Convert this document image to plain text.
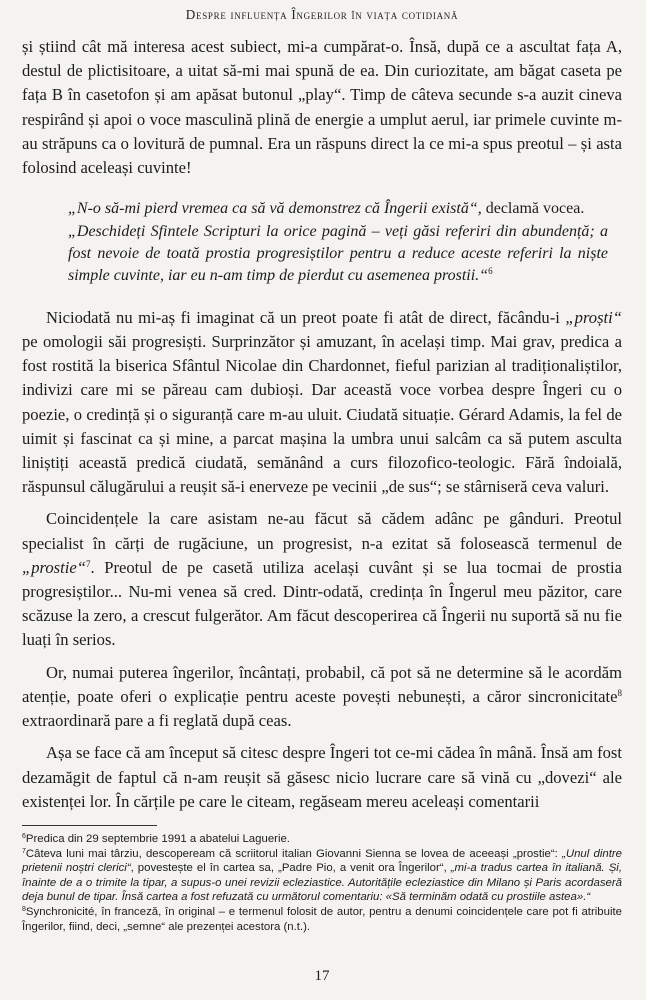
Despre influența Îngerilor în viața cotidiană

și știind cât mă interesa acest subiect, mi-a cumpărat-o. Însă, după ce a ascultat fața A, destul de plictisitoare, a uitat să-mi mai spună de ea. Din curiozitate, am băgat caseta pe fața B în casetofon și am apăsat butonul „play“. Timp de câteva secunde s-a auzit cineva respirând și apoi o voce masculină plină de energie a umplut aerul, iar primele cuvinte m-au străpuns ca o lovitură de pumnal. Era un răspuns direct la ce mi-a spus preotul – și asta folosind aceleași cuvinte!

„N-o să-mi pierd vremea ca să vă demonstrez că Îngerii există“, declamă vocea.

„Deschideți Sfintele Scripturi la orice pagină – veți găsi referiri din abundență; a fost nevoie de toată prostia progresiștilor pentru a reduce aceste referiri la niște simple cuvinte, iar eu n-am timp de pierdut cu asemenea prostii.“$^6$

Niciodată nu mi-aș fi imaginat că un preot poate fi atât de direct, făcându-i „proști“ pe omologii săi progresiști. Surprinzător și amuzant, în același timp. Mai grav, predica a fost rostită la biserica Sfântul Nicolae din Chardonnet, fieful parizian al tradiționaliștilor, indivizi care mi se păreau cam dubioși. Dar această voce vorbea despre Îngeri cu o poezie, o credință și o siguranță care m-au uluit. Ciudată situație. Gérard Adamis, la fel de uimit și fascinat ca și mine, a parcat mașina la umbra unui salcâm ca să putem asculta liniștiți această predică ciudată, semănând a curs filozofico-teologic. Fără îndoială, răspunsul călugărului a reușit să-i enerveze pe vecinii „de sus“; se stârniseră ceva valuri.

Coincidențele la care asistam ne-au făcut să cădem adânc pe gânduri. Preotul specialist în cărți de rugăciune, un progresist, n-a ezitat să folosească termenul de „prostie“$^7$. Preotul de pe casetă utiliza același cuvânt și se lua tocmai de prostia progresiștilor... Nu-mi venea să cred. Dintr-odată, credința în Îngerul meu păzitor, care scăzuse la zero, a crescut fulgerător. Am făcut descoperirea că Îngerii nu suportă să nu fie luați în serios.

Or, numai puterea îngerilor, încântați, probabil, că pot să ne determine să le acordăm atenție, poate oferi o explicație pentru aceste povești nebunești, a căror sincronicitate$^8$ extraordinară pare a fi reglată după ceas.

Așa se face că am început să citesc despre Îngeri tot ce-mi cădea în mână. Însă am fost dezamăgit de faptul că n-am reușit să găsesc nicio lucrare care să vină cu „dovezi“ ale existenței lor. În cărțile pe care le citeam, regăseam mereu aceleași comentarii

$^6$Predica din 29 septembrie 1991 a abatelui Laguerie.

$^7$Câteva luni mai târziu, descopeream că scriitorul italian Giovanni Sienna se lovea de aceeași „prostie“: „Unul dintre prietenii noștri clerici“, povestește el în cartea sa, „Padre Pio, a venit ora Îngerilor“, „mi-a tradus cartea în italiană. Și, înainte de a o trimite la tipar, a supus-o unei revizii eclezіastice. Autoritățile ecleziastice din Milano și Paris acordaseră deja bunul de tipar. Însă cartea a fost refuzată cu următorul comentariu: «Să terminăm odată cu prostiile astea».“

$^8$Synchronicité, în franceză, în original – e termenul folosit de autor, pentru a denumi coincidențele care pot fi atribuite Îngerilor, fiind, deci, „semne“ ale prezenței acestora (n.t.).

17
